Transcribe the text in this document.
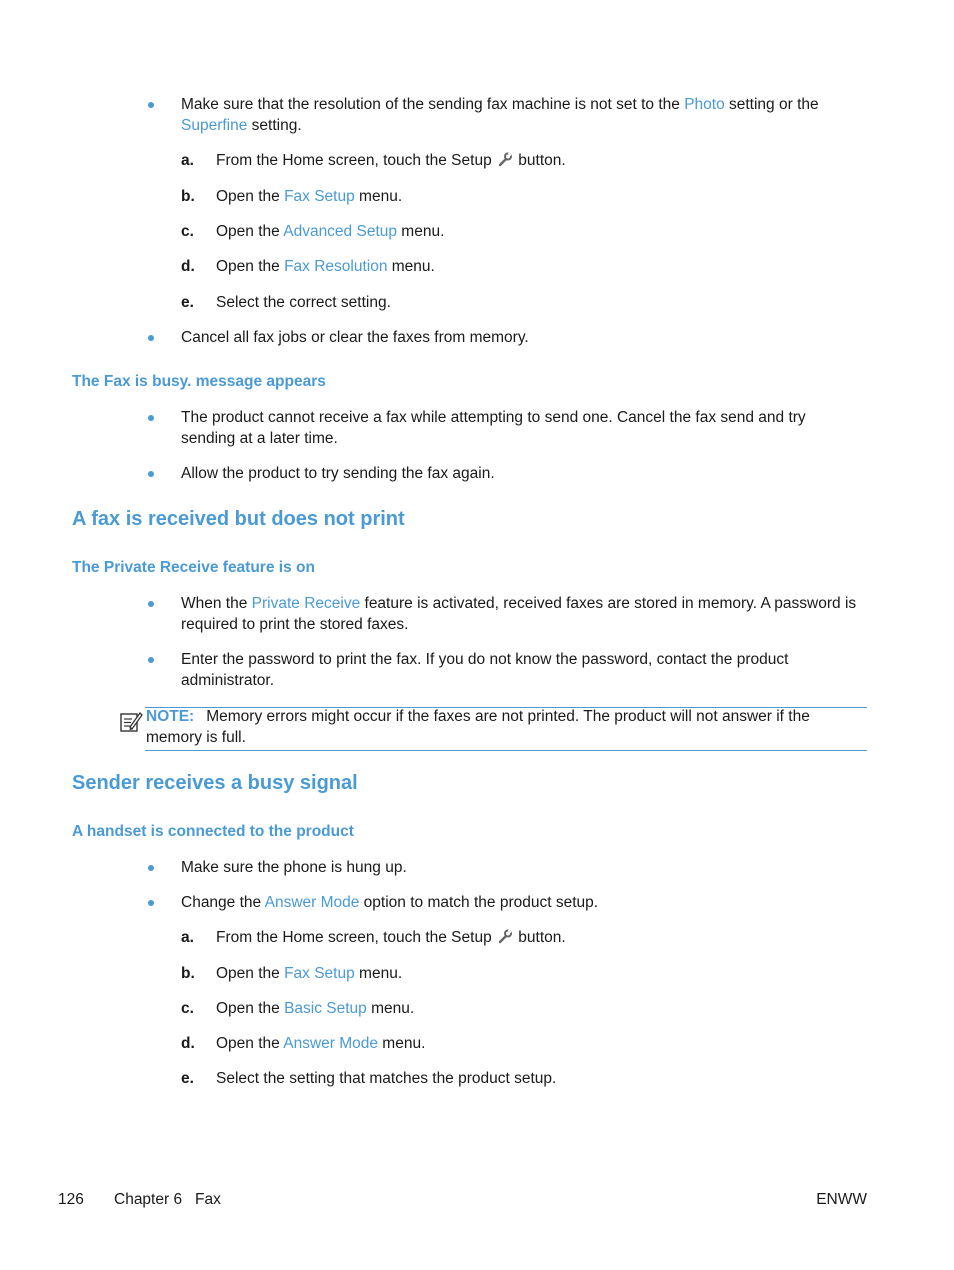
Make sure that the resolution of the sending fax machine is not set to the Photo setting or the Superfine setting.
a. From the Home screen, touch the Setup  button.
b. Open the Fax Setup menu.
c. Open the Advanced Setup menu.
d. Open the Fax Resolution menu.
e. Select the correct setting.
Cancel all fax jobs or clear the faxes from memory.
The Fax is busy. message appears
The product cannot receive a fax while attempting to send one. Cancel the fax send and try sending at a later time.
Allow the product to try sending the fax again.
A fax is received but does not print
The Private Receive feature is on
When the Private Receive feature is activated, received faxes are stored in memory. A password is required to print the stored faxes.
Enter the password to print the fax. If you do not know the password, contact the product administrator.
NOTE: Memory errors might occur if the faxes are not printed. The product will not answer if the memory is full.
Sender receives a busy signal
A handset is connected to the product
Make sure the phone is hung up.
Change the Answer Mode option to match the product setup.
a. From the Home screen, touch the Setup  button.
b. Open the Fax Setup menu.
c. Open the Basic Setup menu.
d. Open the Answer Mode menu.
e. Select the setting that matches the product setup.
126 Chapter 6   Fax	ENWW
